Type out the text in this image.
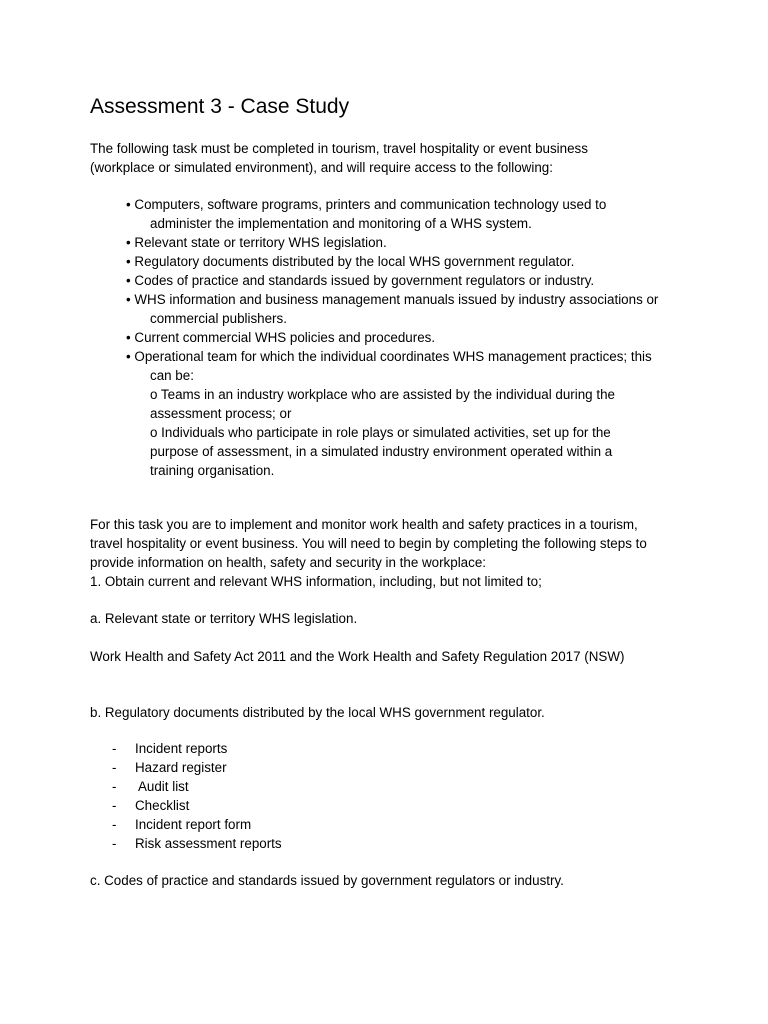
Assessment 3 - Case Study
The following task must be completed in tourism, travel hospitality or event business
(workplace or simulated environment), and will require access to the following:
• Computers, software programs, printers and communication technology used to
administer the implementation and monitoring of a WHS system.
• Relevant state or territory WHS legislation.
• Regulatory documents distributed by the local WHS government regulator.
• Codes of practice and standards issued by government regulators or industry.
• WHS information and business management manuals issued by industry associations or
commercial publishers.
• Current commercial WHS policies and procedures.
• Operational team for which the individual coordinates WHS management practices; this
can be:
o Teams in an industry workplace who are assisted by the individual during the
assessment process; or
o Individuals who participate in role plays or simulated activities, set up for the
purpose of assessment, in a simulated industry environment operated within a
training organisation.
For this task you are to implement and monitor work health and safety practices in a tourism,
travel hospitality or event business. You will need to begin by completing the following steps to
provide information on health, safety and security in the workplace:
1. Obtain current and relevant WHS information, including, but not limited to;
a. Relevant state or territory WHS legislation.
Work Health and Safety Act 2011 and the Work Health and Safety Regulation 2017 (NSW)
b. Regulatory documents distributed by the local WHS government regulator.
- Incident reports
- Hazard register
- Audit list
- Checklist
- Incident report form
- Risk assessment reports
c. Codes of practice and standards issued by government regulators or industry.
